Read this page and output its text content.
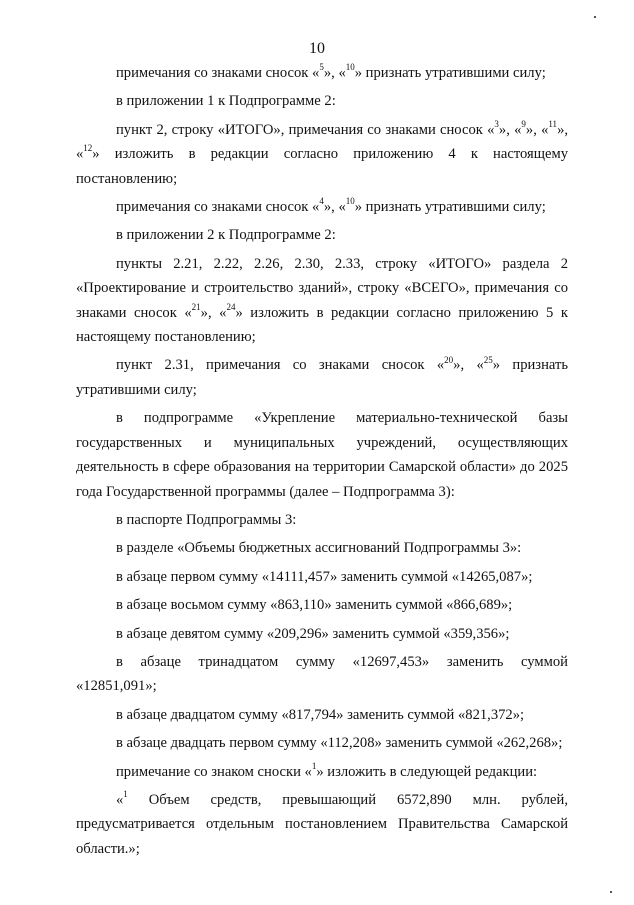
10

примечания со знаками сносок «$^5$», «$^{10}$» признать утратившими силу;

в приложении 1 к Подпрограмме 2:

пункт 2, строку «ИТОГО», примечания со знаками сносок «$^3$», «$^9$», «$^{11}$», «$^{12}$» изложить в редакции согласно приложению 4 к настоящему постановлению;

примечания со знаками сносок «$^4$», «$^{10}$» признать утратившими силу;

в приложении 2 к Подпрограмме 2:

пункты 2.21, 2.22, 2.26, 2.30, 2.33, строку «ИТОГО» раздела 2 «Проектирование и строительство зданий», строку «ВСЕГО», примечания со знаками сносок «$^{21}$», «$^{24}$» изложить в редакции согласно приложению 5 к настоящему постановлению;

пункт 2.31, примечания со знаками сносок «$^{20}$», «$^{25}$» признать утратившими силу;

в подпрограмме «Укрепление материально-технической базы государственных и муниципальных учреждений, осуществляющих деятельность в сфере образования на территории Самарской области» до 2025 года Государственной программы (далее – Подпрограмма 3):

в паспорте Подпрограммы 3:

в разделе «Объемы бюджетных ассигнований Подпрограммы 3»:

в абзаце первом сумму «14111,457» заменить суммой «14265,087»;

в абзаце восьмом сумму «863,110» заменить суммой «866,689»;

в абзаце девятом сумму «209,296» заменить суммой «359,356»;

в абзаце тринадцатом сумму «12697,453» заменить суммой «12851,091»;

в абзаце двадцатом сумму «817,794» заменить суммой «821,372»;

в абзаце двадцать первом сумму «112,208» заменить суммой «262,268»;

примечание со знаком сноски «$^1$» изложить в следующей редакции:

«$^1$ Объем средств, превышающий 6572,890 млн. рублей, предусматривается отдельным постановлением Правительства Самарской области.»;
